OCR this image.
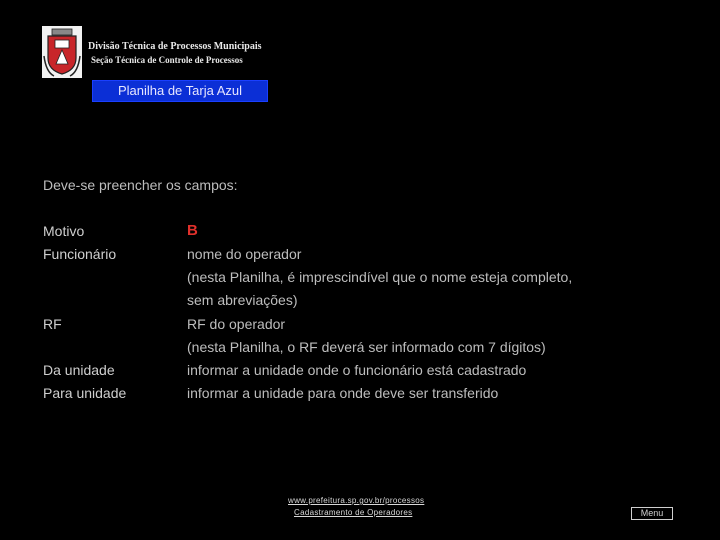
Divisão Técnica de Processos Municipais
Seção Técnica de Controle de Processos
Planilha de Tarja Azul
Deve-se preencher os campos:
Motivo
Funcionário
RF
Da unidade
Para unidade
B
nome do operador
(nesta Planilha, é imprescindível que o nome esteja completo,
sem abreviações)
RF do operador
(nesta Planilha, o RF deverá ser informado com 7 dígitos)
informar a unidade onde o funcionário está cadastrado
informar a unidade para onde deve ser transferido
www.prefeitura.sp.gov.br/processos
Cadastramento de Operadores	Menu
